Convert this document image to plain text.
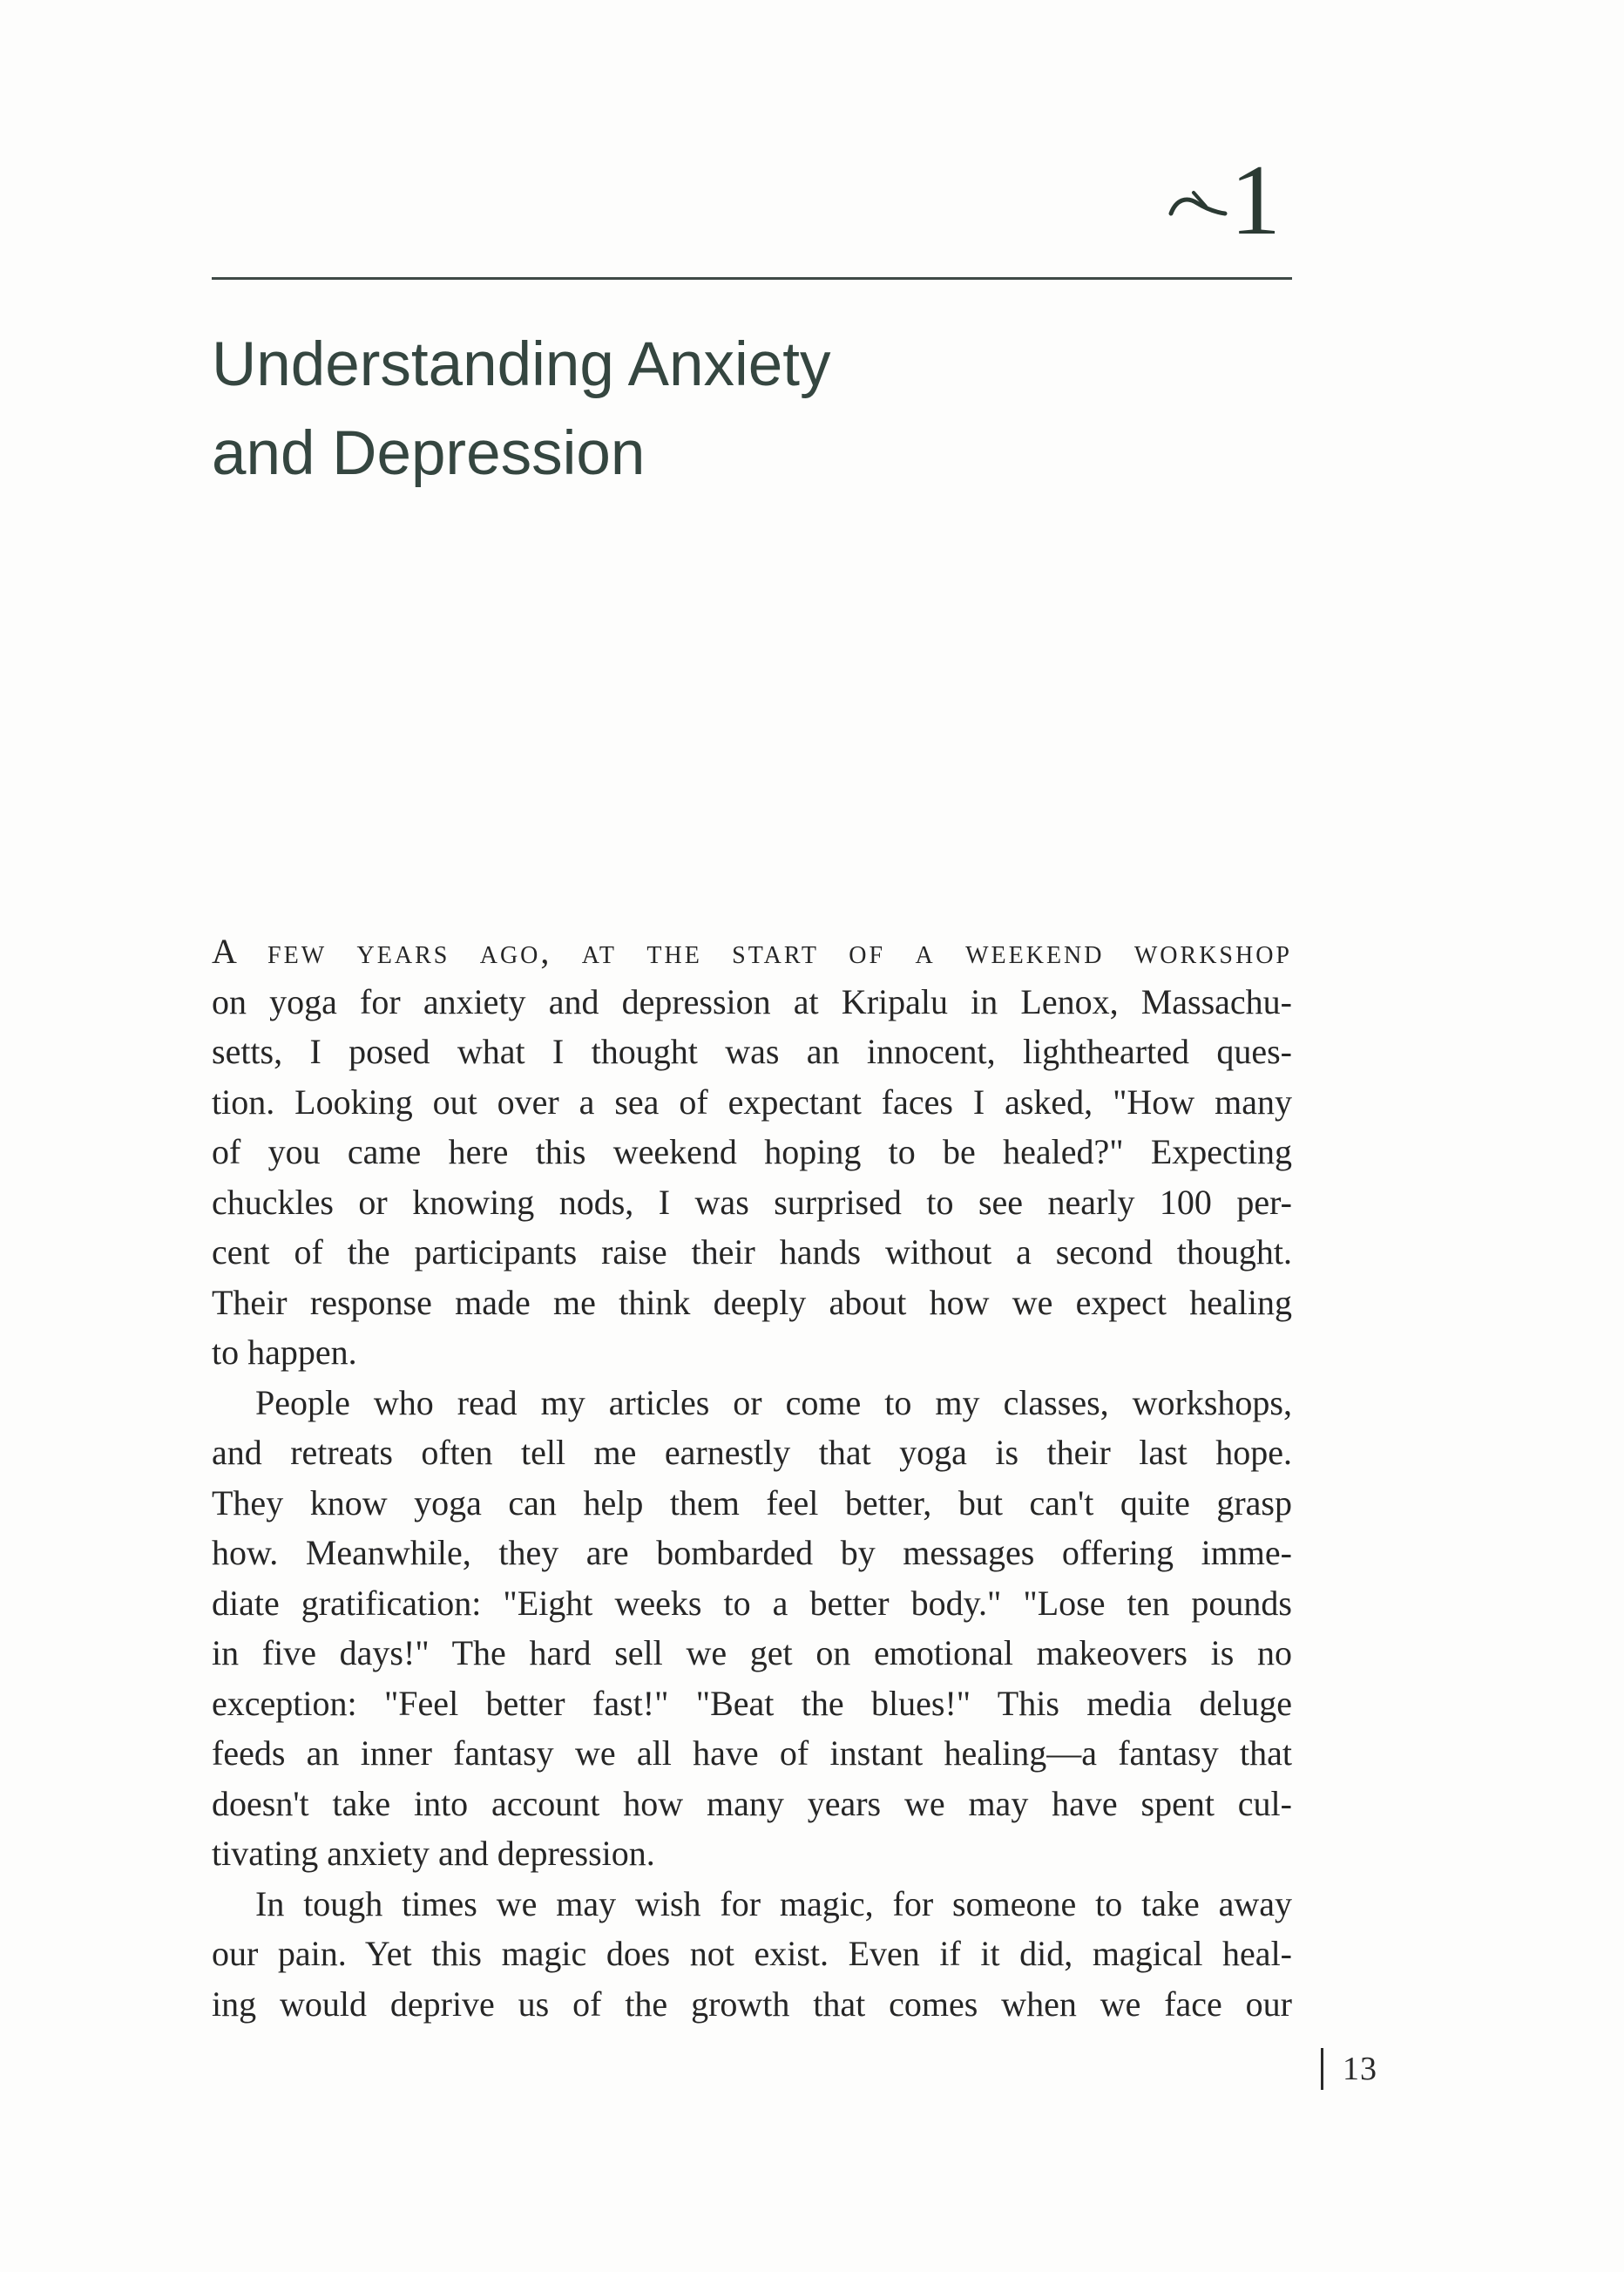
1
Understanding Anxiety
and Depression

A few years ago, at the start of a weekend workshop
on yoga for anxiety and depression at Kripalu in Lenox, Massachu-
setts, I posed what I thought was an innocent, lighthearted ques-
tion. Looking out over a sea of expectant faces I asked, "How many
of you came here this weekend hoping to be healed?" Expecting
chuckles or knowing nods, I was surprised to see nearly 100 per-
cent of the participants raise their hands without a second thought.
Their response made me think deeply about how we expect healing
to happen.

People who read my articles or come to my classes, workshops,
and retreats often tell me earnestly that yoga is their last hope.
They know yoga can help them feel better, but can't quite grasp
how. Meanwhile, they are bombarded by messages offering imme-
diate gratification: "Eight weeks to a better body." "Lose ten pounds
in five days!" The hard sell we get on emotional makeovers is no
exception: "Feel better fast!" "Beat the blues!" This media deluge
feeds an inner fantasy we all have of instant healing—a fantasy that
doesn't take into account how many years we may have spent cul-
tivating anxiety and depression.

In tough times we may wish for magic, for someone to take away
our pain. Yet this magic does not exist. Even if it did, magical heal-
ing would deprive us of the growth that comes when we face our

13
